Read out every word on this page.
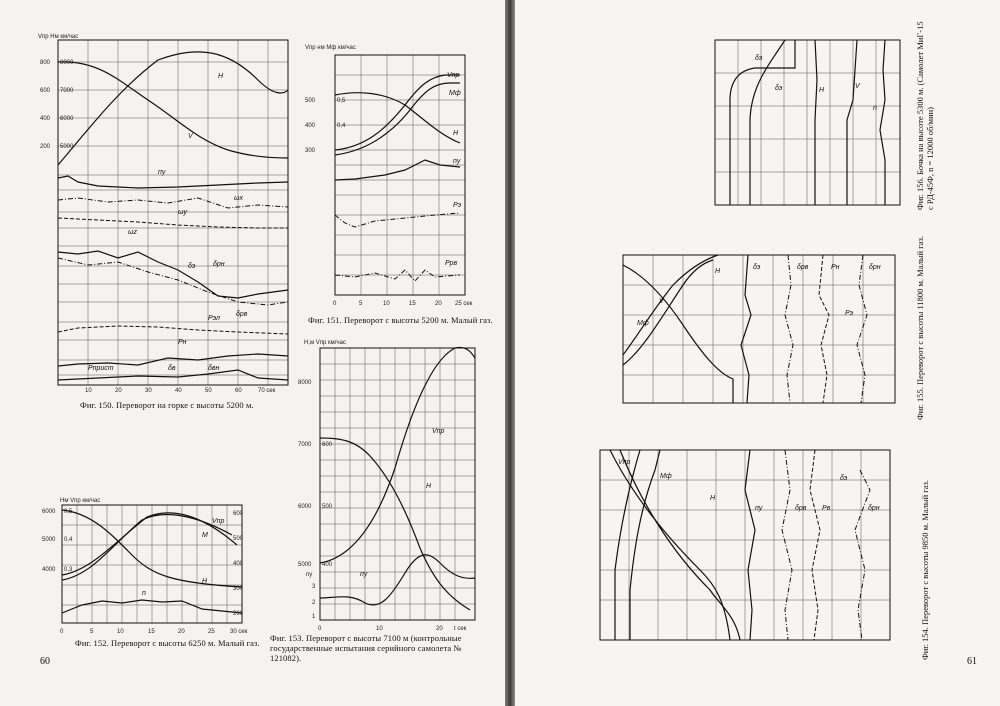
H
V
пу
ωх
ωу
ωz
δэ	δрн
Рэл
δрв
Рн
Рприст	δв	δвн
Vпр Нм км/час
800
600
400
200 5000
6000
7000
8000
10	20	30	40	50	60	70 сек
Фиг. 150. Переворот на горке с высоты 5200 м.
Vпр
Мф
H
nу
Рэ
Ррв
Vпр нм Мф км/час
500
400
300
0,5
0,4
0	5	10	15	20 25 сек
Фиг. 151. Переворот с высоты 5200 м. Малый газ.
Vпр
M
H
n
Нм Vпр км/час
6000
5000
4000
0,5
0,4
0,3
600
500
400
300
200
0	5	10	15	20	25	30 сек
Фиг. 152. Переворот с высоты 6250 м. Малый газ.
Vпр
H
пу
Н,м Vпр км/час
8000
7000
6000
5000
600
500
400
пу
3
2
1
0	10	20 t сек
Фиг. 153. Переворот с высоты 7100 м (контрольные государственные испытания серийного самолета № 121082).
60
δэ
δэ	H
V
n	Фиг. 156. Бочка на высоте 5300 м. (Самолет МиГ-15 с РД-45Ф, n = 12000 об/мин)
H
V
Мф
δэ	δрв	Рн	δрн
Рэ	Фиг. 155. Переворот с высоты 11800 м. Малый газ.
Vпр
Мф
H
пу	δрв Рв
δэ
δрн	Фиг. 154. Переворот с высоты 9850 м. Малый газ.
61
